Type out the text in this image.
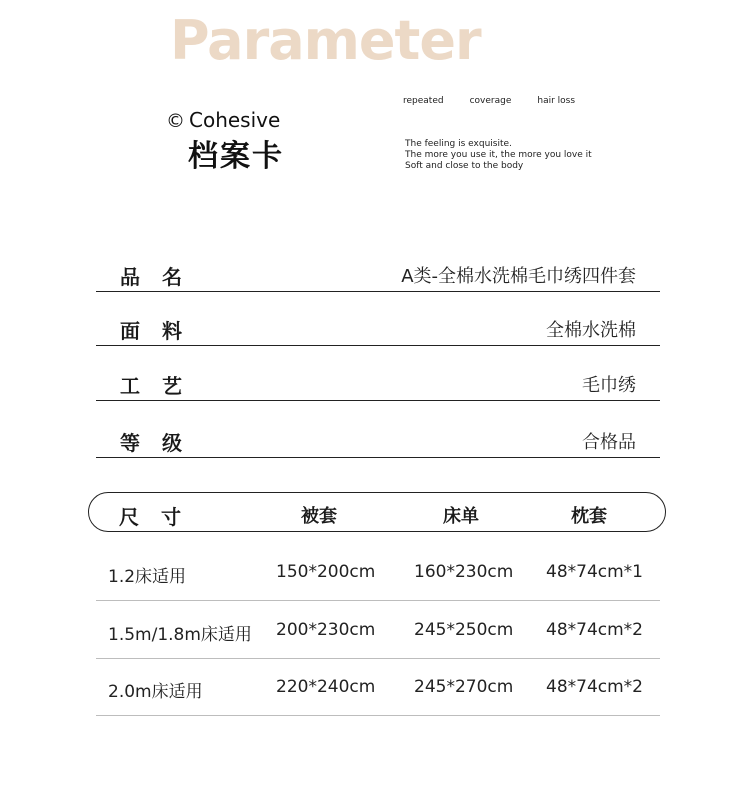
Parameter
© Cohesive
档案卡
repeated	coverage	hair loss
The feeling is exquisite.
The more you use it, the more you love it
Soft and close to the body
品名	A类-全棉水洗棉毛巾绣四件套
面料	全棉水洗棉
工艺	毛巾绣
等级	合格品
尺寸	被套	床单	枕套
1.2床适用	150*200cm 160*230cm 48*74cm*1
1.5m/1.8m床适用 200*230cm 245*250cm 48*74cm*2
2.0m床适用	220*240cm 245*270cm 48*74cm*2
